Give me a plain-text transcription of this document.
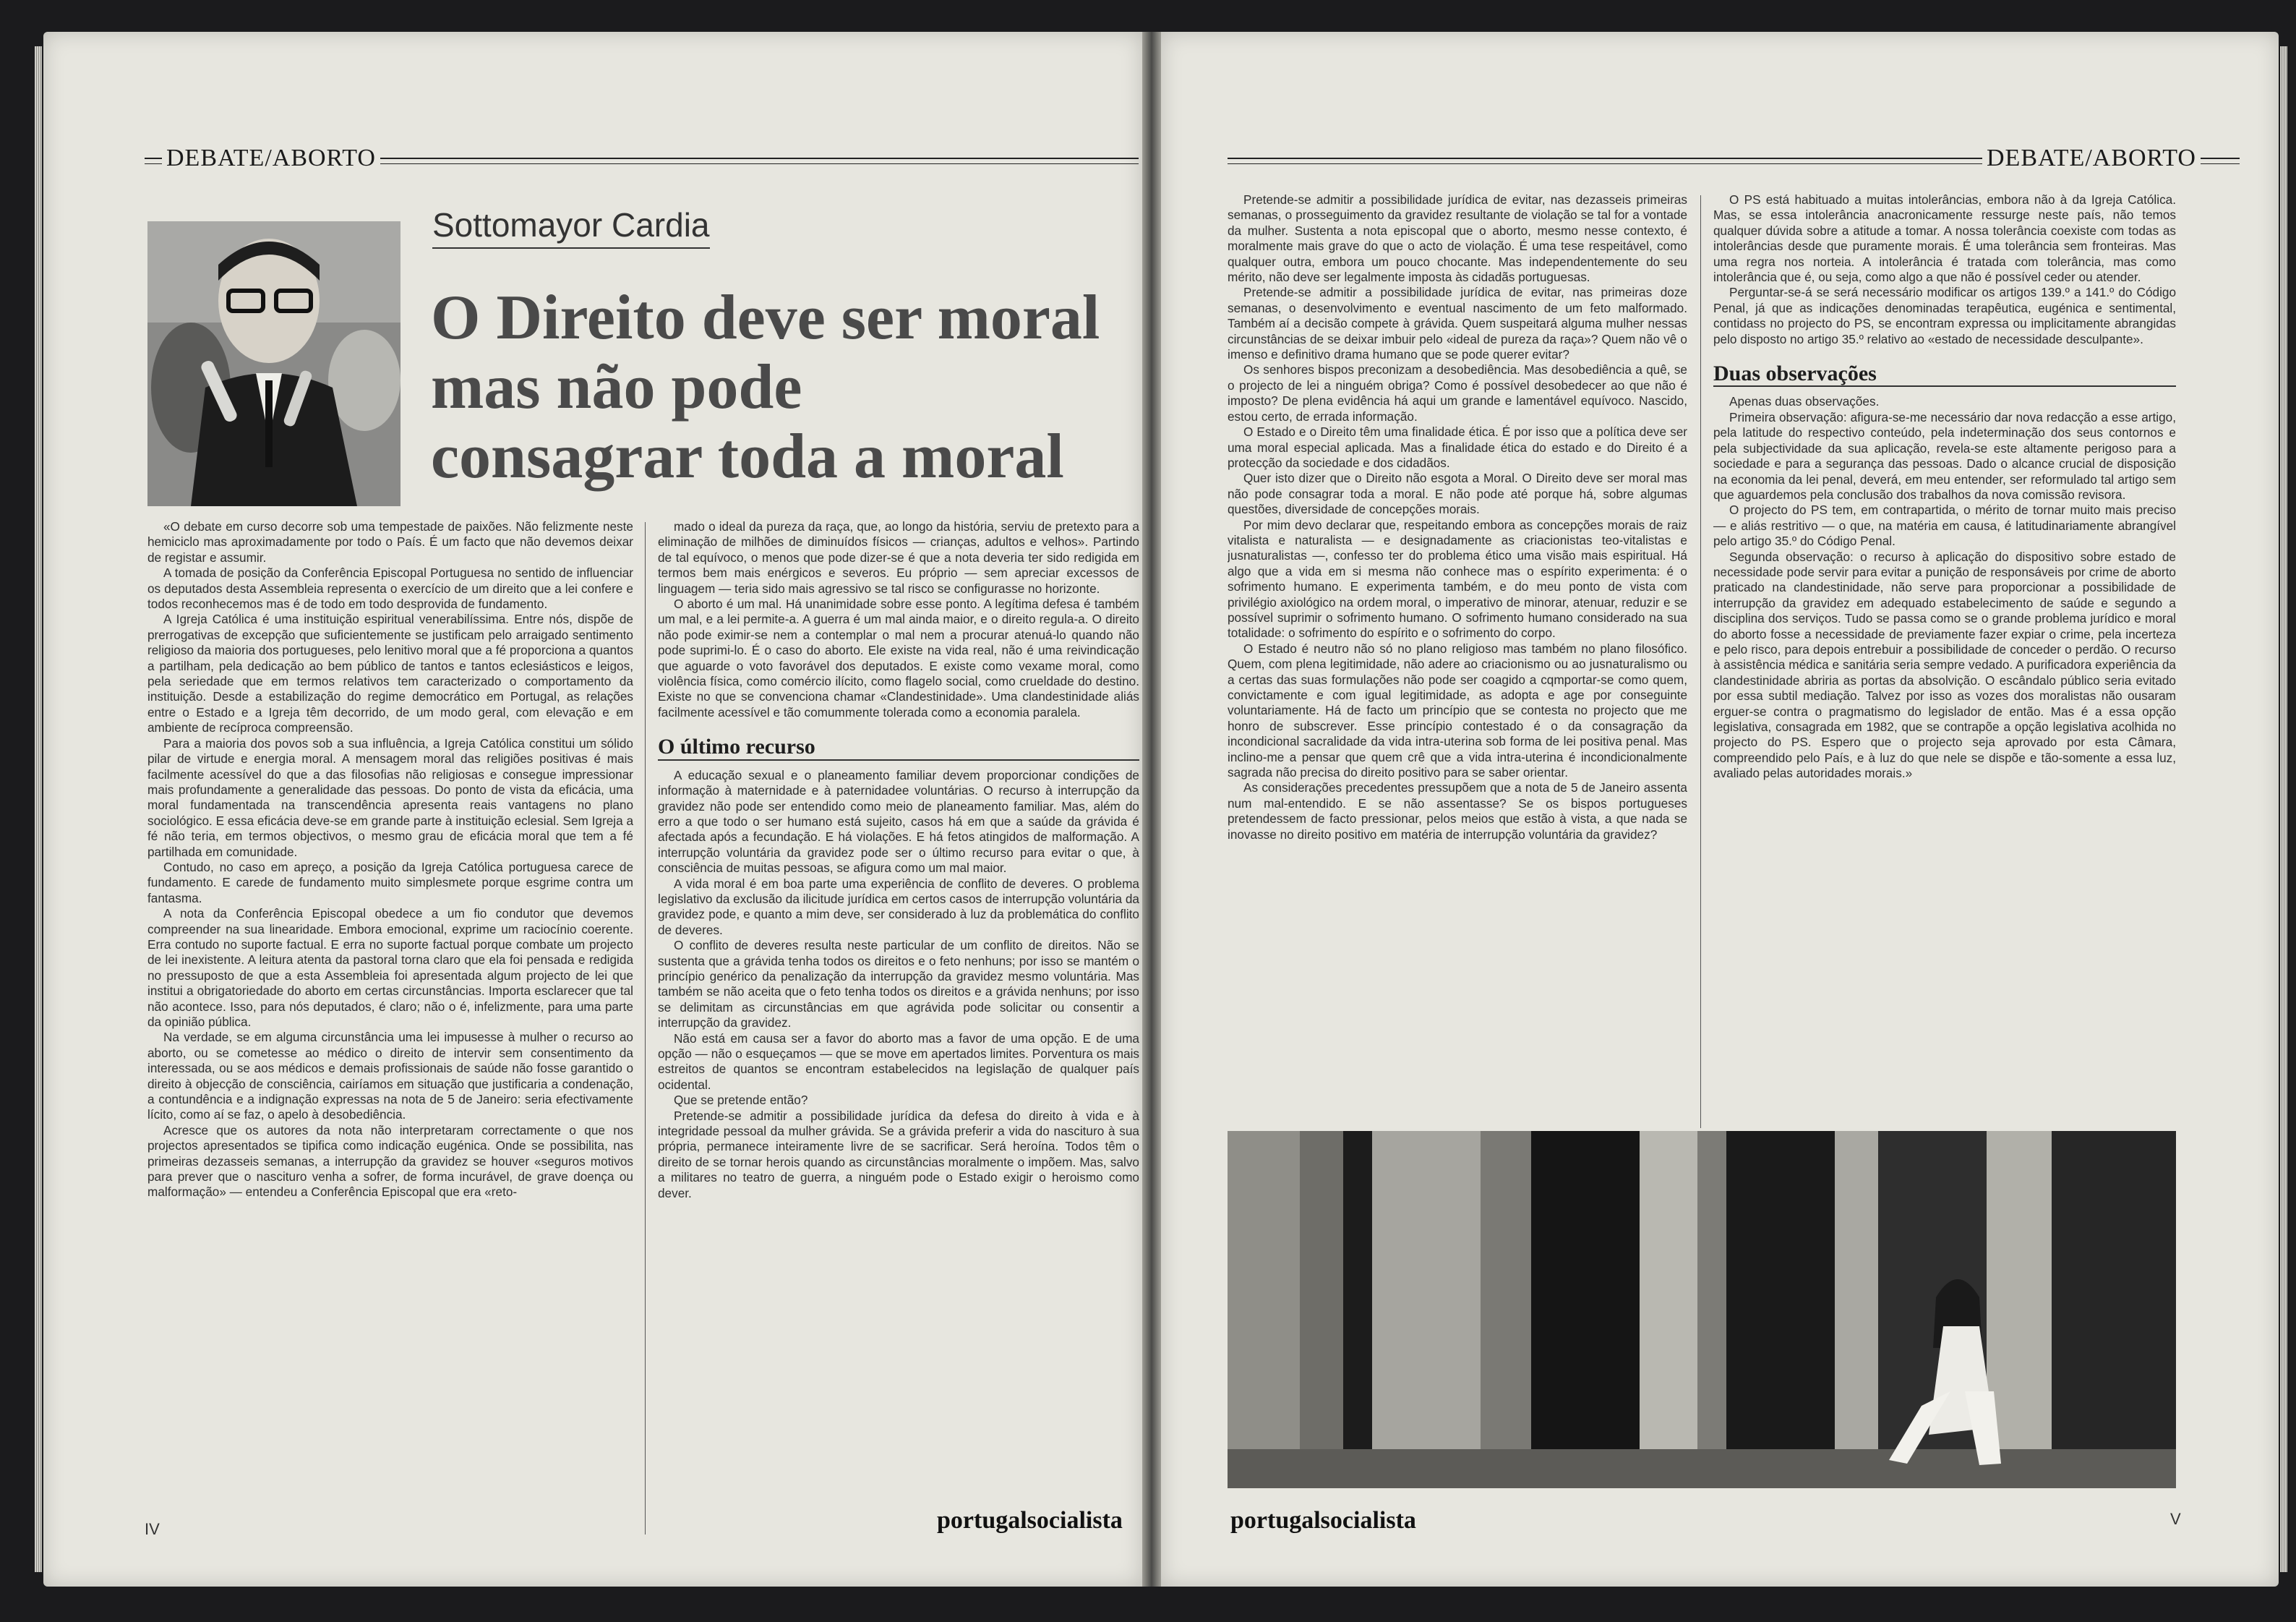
DEBATE/ABORTO
Sottomayor Cardia
O Direito deve ser moral
mas não pode
consagrar toda a moral

«O debate em curso decorre sob uma tempestade de paixões. Não felizmente neste hemiciclo mas aproximadamente por todo o País. É um facto que não devemos deixar de registar e assumir.

A tomada de posição da Conferência Episcopal Portuguesa no sentido de influenciar os deputados desta Assembleia representa o exercício de um direito que a lei confere e todos reconhecemos mas é de todo em todo desprovida de fundamento.

A Igreja Católica é uma instituição espiritual venerabilíssima. Entre nós, dispõe de prerrogativas de excepção que suficientemente se justificam pelo arraigado sentimento religioso da maioria dos portugueses, pelo lenitivo moral que a fé proporciona a quantos a partilham, pela dedicação ao bem público de tantos e tantos eclesiásticos e leigos, pela seriedade que em termos relativos tem caracterizado o comportamento da instituição. Desde a estabilização do regime democrático em Portugal, as relações entre o Estado e a Igreja têm decorrido, de um modo geral, com elevação e em ambiente de recíproca compreensão.

Para a maioria dos povos sob a sua influência, a Igreja Católica constitui um sólido pilar de virtude e energia moral. A mensagem moral das religiões positivas é mais facilmente acessível do que a das filosofias não religiosas e consegue impressionar mais profundamente a generalidade das pessoas. Do ponto de vista da eficácia, uma moral fundamentada na transcendência apresenta reais vantagens no plano sociológico. E essa eficácia deve-se em grande parte à instituição eclesial. Sem Igreja a fé não teria, em termos objectivos, o mesmo grau de eficácia moral que tem a fé partilhada em comunidade.

Contudo, no caso em apreço, a posição da Igreja Católica portuguesa carece de fundamento. E carede de fundamento muito simplesmete porque esgrime contra um fantasma.

A nota da Conferência Episcopal obedece a um fio condutor que devemos compreender na sua linearidade. Embora emocional, exprime um raciocínio coerente. Erra contudo no suporte factual. E erra no suporte factual porque combate um projecto de lei inexistente. A leitura atenta da pastoral torna claro que ela foi pensada e redigida no pressuposto de que a esta Assembleia foi apresentada algum projecto de lei que institui a obrigatoriedade do aborto em certas circunstâncias. Importa esclarecer que tal não acontece. Isso, para nós deputados, é claro; não o é, infelizmente, para uma parte da opinião pública.

Na verdade, se em alguma circunstância uma lei impusesse à mulher o recurso ao aborto, ou se cometesse ao médico o direito de intervir sem consentimento da interessada, ou se aos médicos e demais profissionais de saúde não fosse garantido o direito à objecção de consciência, cairíamos em situação que justificaria a condenação, a contundência e a indignação expressas na nota de 5 de Janeiro: seria efectivamente lícito, como aí se faz, o apelo à desobediência.

Acresce que os autores da nota não interpretaram correctamente o que nos projectos apresentados se tipifica como indicação eugénica. Onde se possibilita, nas primeiras dezasseis semanas, a interrupção da gravidez se houver «seguros motivos para prever que o nascituro venha a sofrer, de forma incurável, de grave doença ou malformação» — entendeu a Conferência Episcopal que era «reto-

mado o ideal da pureza da raça, que, ao longo da história, serviu de pretexto para a eliminação de milhões de diminuídos físicos — crianças, adultos e velhos». Partindo de tal equívoco, o menos que pode dizer-se é que a nota deveria ter sido redigida em termos bem mais enérgicos e severos. Eu próprio — sem apreciar excessos de linguagem — teria sido mais agressivo se tal risco se configurasse no horizonte.

O aborto é um mal. Há unanimidade sobre esse ponto. A legítima defesa é também um mal, e a lei permite-a. A guerra é um mal ainda maior, e o direito regula-a. O direito não pode eximir-se nem a contemplar o mal nem a procurar atenuá-lo quando não pode suprimi-lo. É o caso do aborto. Ele existe na vida real, não é uma reivindicação que aguarde o voto favorável dos deputados. E existe como vexame moral, como violência física, como comércio ilícito, como flagelo social, como crueldade do destino. Existe no que se convenciona chamar «Clandestinidade». Uma clandestinidade aliás facilmente acessível e tão comummente tolerada como a economia paralela.

O último recurso

A educação sexual e o planeamento familiar devem proporcionar condições de informação à maternidade e à paternidadee voluntárias. O recurso à interrupção da gravidez não pode ser entendido como meio de planeamento familiar. Mas, além do erro a que todo o ser humano está sujeito, casos há em que a saúde da grávida é afectada após a fecundação. E há violações. E há fetos atingidos de malformação. A interrupção voluntária da gravidez pode ser o último recurso para evitar o que, à consciência de muitas pessoas, se afigura como um mal maior.

A vida moral é em boa parte uma experiência de conflito de deveres. O problema legislativo da exclusão da ilicitude jurídica em certos casos de interrupção voluntária da gravidez pode, e quanto a mim deve, ser considerado à luz da problemática do conflito de deveres.

O conflito de deveres resulta neste particular de um conflito de direitos. Não se sustenta que a grávida tenha todos os direitos e o feto nenhuns; por isso se mantém o princípio genérico da penalização da interrupção da gravidez mesmo voluntária. Mas também se não aceita que o feto tenha todos os direitos e a grávida nenhuns; por isso se delimitam as circunstâncias em que agrávida pode solicitar ou consentir a interrupção da gravidez.

Não está em causa ser a favor do aborto mas a favor de uma opção. E de uma opção — não o esqueçamos — que se move em apertados limites. Porventura os mais estreitos de quantos se encontram estabelecidos na legislação de qualquer país ocidental.

Que se pretende então?

Pretende-se admitir a possibilidade jurídica da defesa do direito à vida e à integridade pessoal da mulher grávida. Se a grávida preferir a vida do nascituro à sua própria, permanece inteiramente livre de se sacrificar. Será heroína. Todos têm o direito de se tornar herois quando as circunstâncias moralmente o impõem. Mas, salvo a militares no teatro de guerra, a ninguém pode o Estado exigir o heroismo como dever.

IV	portugalsocialista
DEBATE/ABORTO

Pretende-se admitir a possibilidade jurídica de evitar, nas dezasseis primeiras semanas, o prosseguimento da gravidez resultante de violação se tal for a vontade da mulher. Sustenta a nota episcopal que o aborto, mesmo nesse contexto, é moralmente mais grave do que o acto de violação. É uma tese respeitável, como qualquer outra, embora um pouco chocante. Mas independentemente do seu mérito, não deve ser legalmente imposta às cidadãs portuguesas.

Pretende-se admitir a possibilidade jurídica de evitar, nas primeiras doze semanas, o desenvolvimento e eventual nascimento de um feto malformado. Também aí a decisão compete à grávida. Quem suspeitará alguma mulher nessas circunstâncias de se deixar imbuir pelo «ideal de pureza da raça»? Quem não vê o imenso e definitivo drama humano que se pode querer evitar?

Os senhores bispos preconizam a desobediência. Mas desobediência a quê, se o projecto de lei a ninguém obriga? Como é possível desobedecer ao que não é imposto? De plena evidência há aqui um grande e lamentável equívoco. Nascido, estou certo, de errada informação.

O Estado e o Direito têm uma finalidade ética. É por isso que a política deve ser uma moral especial aplicada. Mas a finalidade ética do estado e do Direito é a protecção da sociedade e dos cidadãos.

Quer isto dizer que o Direito não esgota a Moral. O Direito deve ser moral mas não pode consagrar toda a moral. E não pode até porque há, sobre algumas questões, diversidade de concepções morais.

Por mim devo declarar que, respeitando embora as concepções morais de raiz vitalista e naturalista — e designadamente as criacionistas teo-vitalistas e jusnaturalistas —, confesso ter do problema ético uma visão mais espiritual. Há algo que a vida em si mesma não conhece mas o espírito experimenta: é o sofrimento humano. E experimenta também, e do meu ponto de vista com privilégio axiológico na ordem moral, o imperativo de minorar, atenuar, reduzir e se possível suprimir o sofrimento humano. O sofrimento humano considerado na sua totalidade: o sofrimento do espírito e o sofrimento do corpo.

O Estado é neutro não só no plano religioso mas também no plano filosófico. Quem, com plena legitimidade, não adere ao criacionismo ou ao jusnaturalismo ou a certas das suas formulações não pode ser coagido a cqmportar-se como quem, convictamente e com igual legitimidade, as adopta e age por conseguinte voluntariamente. Há de facto um princípio que se contesta no projecto que me honro de subscrever. Esse princípio contestado é o da consagração da incondicional sacralidade da vida intra-uterina sob forma de lei positiva penal. Mas inclino-me a pensar que quem crê que a vida intra-uterina é incondicionalmente sagrada não precisa do direito positivo para se saber orientar.

As considerações precedentes pressupõem que a nota de 5 de Janeiro assenta num mal-entendido. E se não assentasse? Se os bispos portugueses pretendessem de facto pressionar, pelos meios que estão à vista, a que nada se inovasse no direito positivo em matéria de interrupção voluntária da gravidez?

O PS está habituado a muitas intolerâncias, embora não à da Igreja Católica. Mas, se essa intolerância anacronicamente ressurge neste país, não temos qualquer dúvida sobre a atitude a tomar. A nossa tolerância coexiste com todas as intolerâncias desde que puramente morais. É uma tolerância sem fronteiras. Mas uma regra nos norteia. A intolerância é tratada com tolerância, mas como intolerância que é, ou seja, como algo a que não é possível ceder ou atender.

Perguntar-se-á se será necessário modificar os artigos 139.º a 141.º do Código Penal, já que as indicações denominadas terapêutica, eugénica e sentimental, contidass no projecto do PS, se encontram expressa ou implicitamente abrangidas pelo disposto no artigo 35.º relativo ao «estado de necessidade desculpante».

Duas observações

Apenas duas observações.

Primeira observação: afigura-se-me necessário dar nova redacção a esse artigo, pela latitude do respectivo conteúdo, pela indeterminação dos seus contornos e pela subjectividade da sua aplicação, revela-se este altamente perigoso para a sociedade e para a segurança das pessoas. Dado o alcance crucial de disposição na economia da lei penal, deverá, em meu entender, ser reformulado tal artigo sem que aguardemos pela conclusão dos trabalhos da nova comissão revisora.

O projecto do PS tem, em contrapartida, o mérito de tornar muito mais preciso — e aliás restritivo — o que, na matéria em causa, é latitudinariamente abrangível pelo artigo 35.º do Código Penal.

Segunda observação: o recurso à aplicação do dispositivo sobre estado de necessidade pode servir para evitar a punição de responsáveis por crime de aborto praticado na clandestinidade, não serve para proporcionar a possibilidade de interrupção da gravidez em adequado estabelecimento de saúde e segundo a disciplina dos serviços. Tudo se passa como se o grande problema jurídico e moral do aborto fosse a necessidade de previamente fazer expiar o crime, pela incerteza e pelo risco, para depois entrebuir a possibilidade de conceder o perdão. O recurso à assistência médica e sanitária seria sempre vedado. A purificadora experiência da clandestinidade abriria as portas da absolvição. O escândalo público seria evitado por essa subtil mediação. Talvez por isso as vozes dos moralistas não ousaram erguer-se contra o pragmatismo do legislador de então. Mas é a essa opção legislativa, consagrada em 1982, que se contrapõe a opção legislativa acolhida no projecto do PS. Espero que o projecto seja aprovado por esta Câmara, compreendido pelo País, e à luz do que nele se dispõe e tão-somente a essa luz, avaliado pelas autoridades morais.»

portugalsocialista	V
